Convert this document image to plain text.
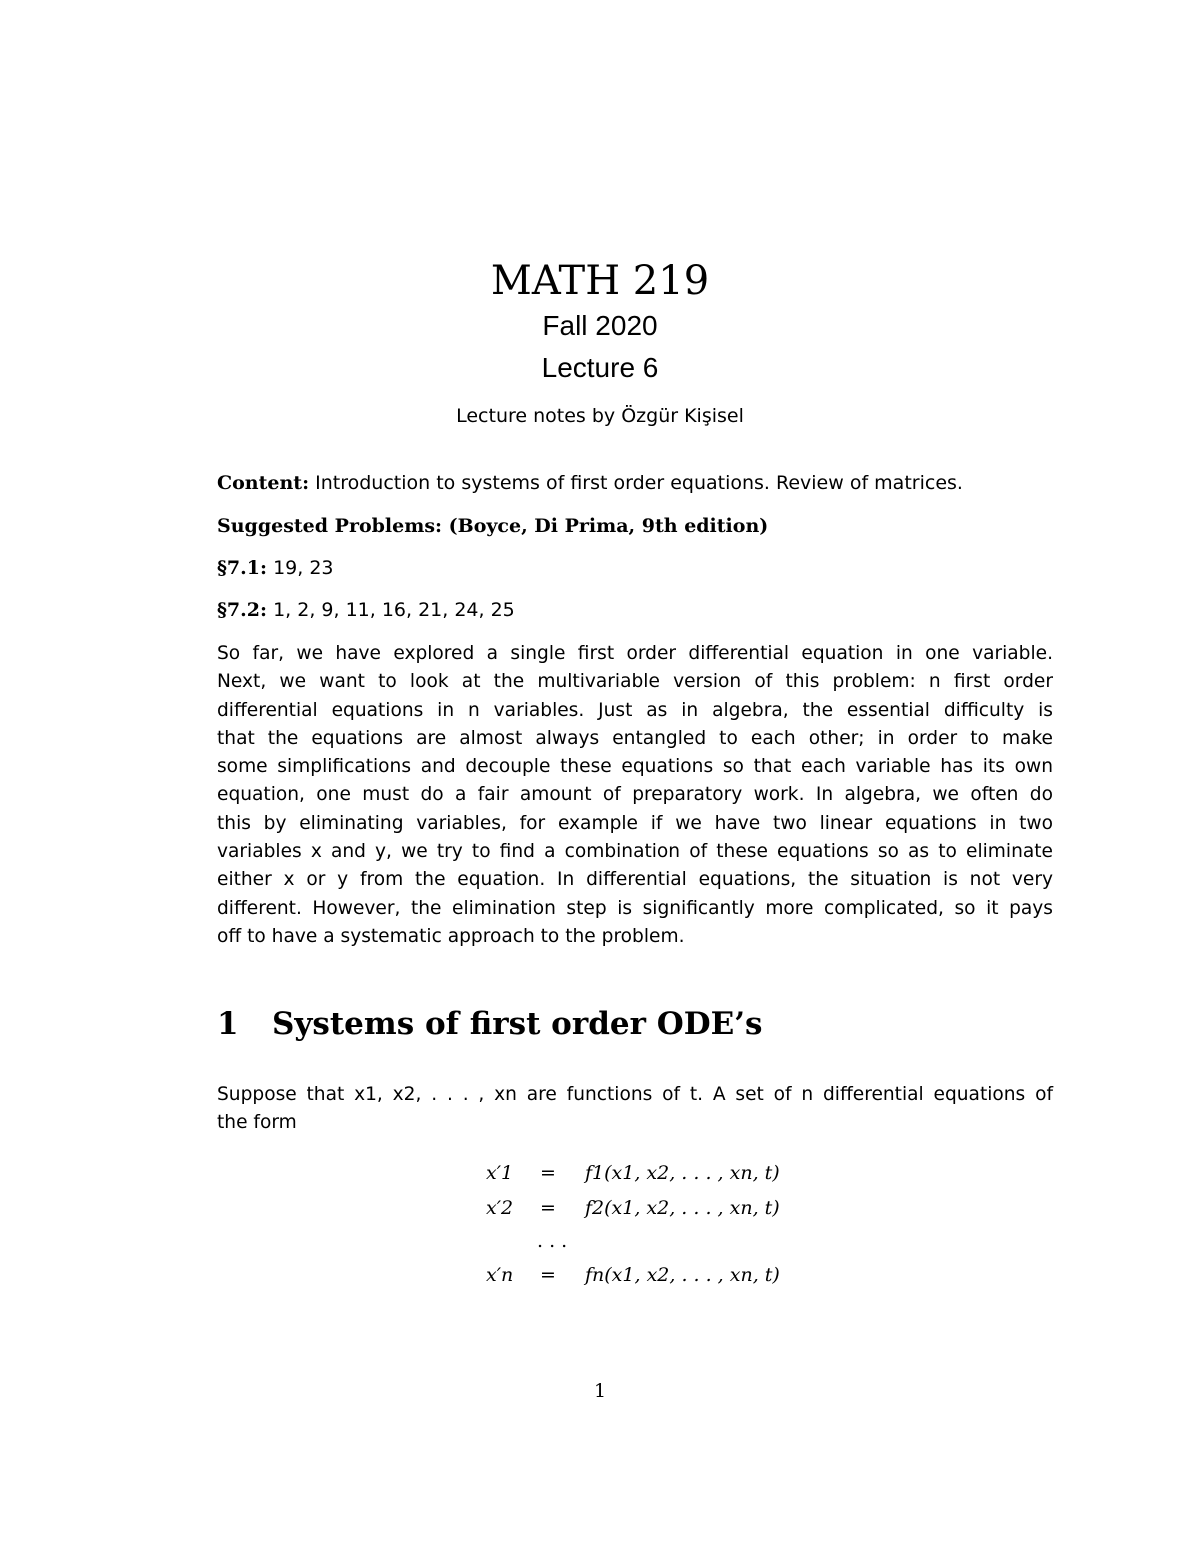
MATH 219
Fall 2020
Lecture 6
Lecture notes by Özgür Kişisel
Content: Introduction to systems of first order equations. Review of matrices.
Suggested Problems: (Boyce, Di Prima, 9th edition)
§7.1: 19, 23
§7.2: 1, 2, 9, 11, 16, 21, 24, 25
So far, we have explored a single first order differential equation in one variable.
Next, we want to look at the multivariable version of this problem: n first order
differential equations in n variables. Just as in algebra, the essential difficulty is
that the equations are almost always entangled to each other; in order to make
some simplifications and decouple these equations so that each variable has its own
equation, one must do a fair amount of preparatory work. In algebra, we often do
this by eliminating variables, for example if we have two linear equations in two
variables x and y, we try to find a combination of these equations so as to eliminate
either x or y from the equation. In differential equations, the situation is not very
different. However, the elimination step is significantly more complicated, so it pays
off to have a systematic approach to the problem.
1 Systems of first order ODE’s
Suppose that x1, x2, . . . , xn are functions of t. A set of n differential equations of
the form
x′1 = f1(x1, x2, . . . , xn, t)
x′2 = f2(x1, x2, . . . , xn, t)
. . .
x′n = fn(x1, x2, . . . , xn, t)
1
